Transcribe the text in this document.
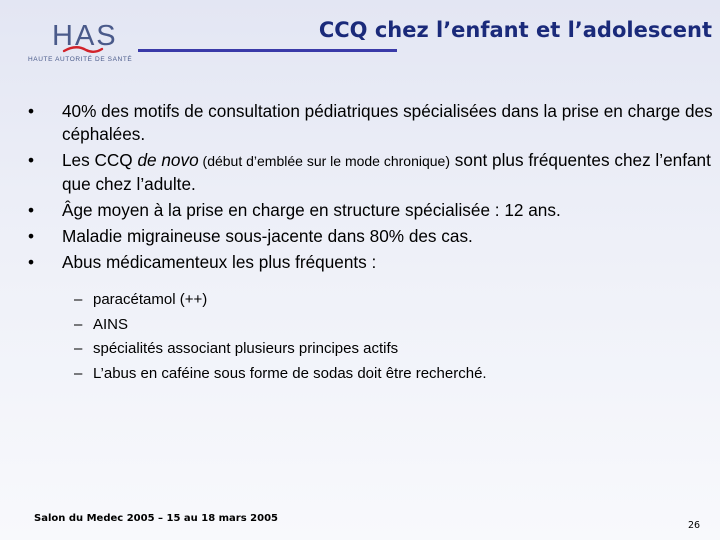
HAS
HAUTE AUTORITÉ DE SANTÉ
CCQ chez l’enfant et l’adolescent
•	40% des motifs de consultation pédiatriques spécialisées dans la prise en charge des céphalées.
•	Les CCQ de novo (début d’emblée sur le mode chronique) sont plus fréquentes chez l’enfant que chez l’adulte.
•	Âge moyen à la prise en charge en structure spécialisée : 12 ans.
•	Maladie migraineuse sous-jacente dans 80% des cas.
•	Abus médicamenteux les plus fréquents :
– paracétamol (++)
– AINS
– spécialités associant plusieurs principes actifs
– L’abus en caféine sous forme de sodas doit être recherché.
Salon du Medec 2005 – 15 au 18 mars 2005
26
